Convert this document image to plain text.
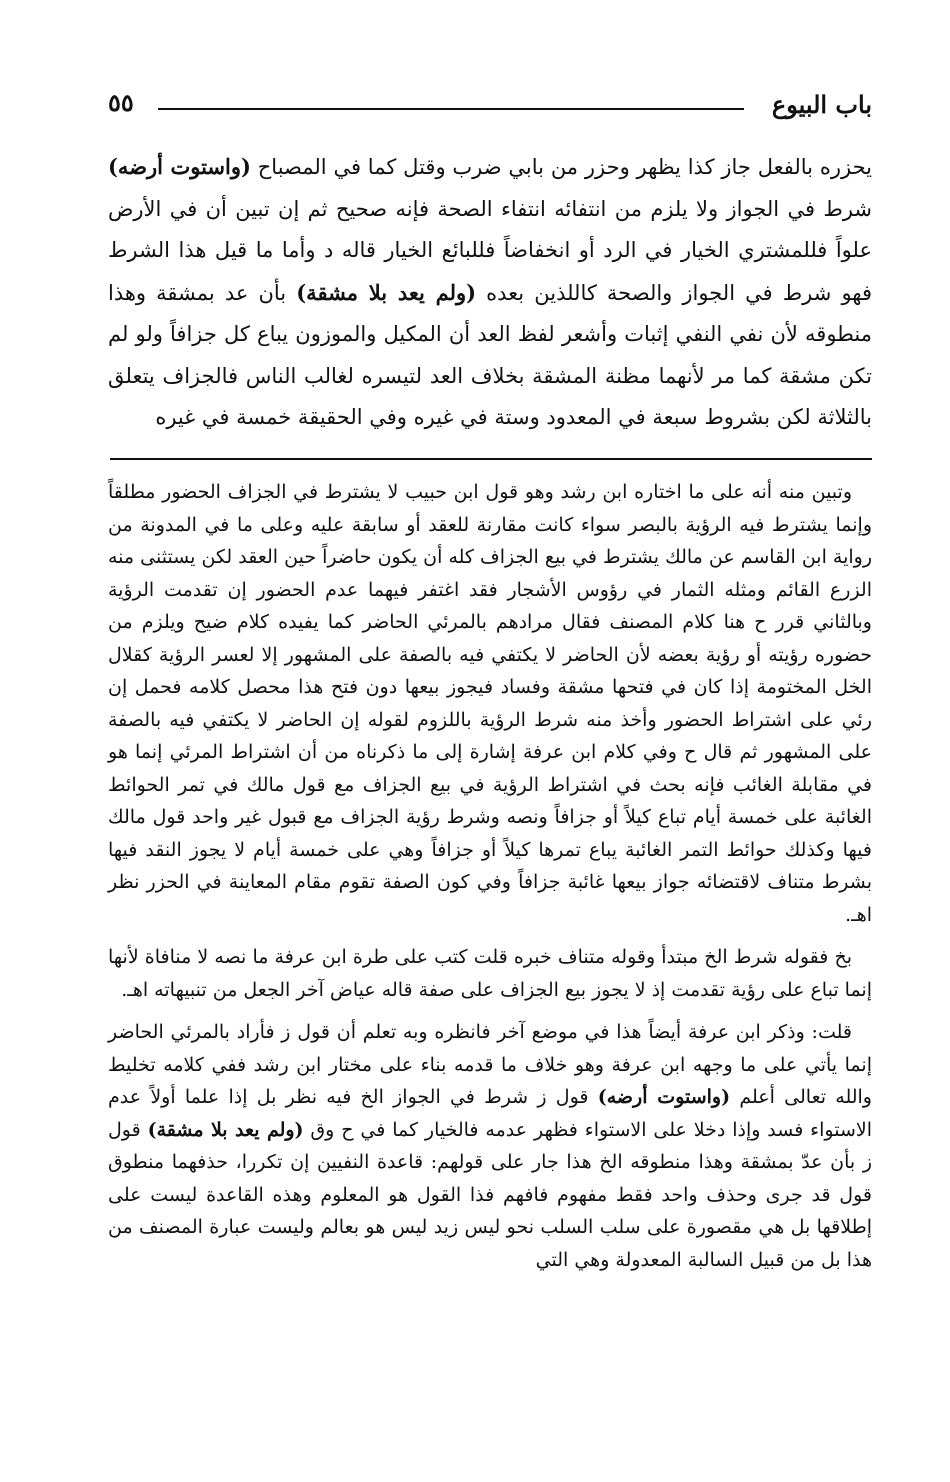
باب البيوع
٥٥
يحزره بالفعل جاز كذا يظهر وحزر من بابي ضرب وقتل كما في المصباح (واستوت أرضه) شرط في الجواز ولا يلزم من انتفائه انتفاء الصحة فإنه صحيح ثم إن تبين أن في الأرض علواً فللمشتري الخيار في الرد أو انخفاضاً فللبائع الخيار قاله د وأما ما قيل هذا الشرط فهو شرط في الجواز والصحة كاللذين بعده (ولم يعد بلا مشقة) بأن عد بمشقة وهذا منطوقه لأن نفي النفي إثبات وأشعر لفظ العد أن المكيل والموزون يباع كل جزافاً ولو لم تكن مشقة كما مر لأنهما مظنة المشقة بخلاف العد لتيسره لغالب الناس فالجزاف يتعلق بالثلاثة لكن بشروط سبعة في المعدود وستة في غيره وفي الحقيقة خمسة في غيره

وتبين منه أنه على ما اختاره ابن رشد وهو قول ابن حبيب لا يشترط في الجزاف الحضور مطلقاً وإنما يشترط فيه الرؤية بالبصر سواء كانت مقارنة للعقد أو سابقة عليه وعلى ما في المدونة من رواية ابن القاسم عن مالك يشترط في بيع الجزاف كله أن يكون حاضراً حين العقد لكن يستثنى منه الزرع القائم ومثله الثمار في رؤوس الأشجار فقد اغتفر فيهما عدم الحضور إن تقدمت الرؤية وبالثاني قرر ح هنا كلام المصنف فقال مرادهم بالمرئي الحاضر كما يفيده كلام ضيح ويلزم من حضوره رؤيته أو رؤية بعضه لأن الحاضر لا يكتفي فيه بالصفة على المشهور إلا لعسر الرؤية كقلال الخل المختومة إذا كان في فتحها مشقة وفساد فيجوز بيعها دون فتح هذا محصل كلامه فحمل إن رئي على اشتراط الحضور وأخذ منه شرط الرؤية باللزوم لقوله إن الحاضر لا يكتفي فيه بالصفة على المشهور ثم قال ح وفي كلام ابن عرفة إشارة إلى ما ذكرناه من أن اشتراط المرئي إنما هو في مقابلة الغائب فإنه بحث في اشتراط الرؤية في بيع الجزاف مع قول مالك في تمر الحوائط الغائبة على خمسة أيام تباع كيلاً أو جزافاً ونصه وشرط رؤية الجزاف مع قبول غير واحد قول مالك فيها وكذلك حوائط التمر الغائبة يباع تمرها كيلاً أو جزافاً وهي على خمسة أيام لا يجوز النقد فيها بشرط متناف لاقتضائه جواز بيعها غائبة جزافاً وفي كون الصفة تقوم مقام المعاينة في الحزر نظر اهـ.

بخ فقوله شرط الخ مبتدأ وقوله متناف خبره قلت كتب على طرة ابن عرفة ما نصه لا منافاة لأنها إنما تباع على رؤية تقدمت إذ لا يجوز بيع الجزاف على صفة قاله عياض آخر الجعل من تنبيهاته اهـ.

قلت: وذكر ابن عرفة أيضاً هذا في موضع آخر فانظره وبه تعلم أن قول ز فأراد بالمرئي الحاضر إنما يأتي على ما وجهه ابن عرفة وهو خلاف ما قدمه بناء على مختار ابن رشد ففي كلامه تخليط والله تعالى أعلم (واستوت أرضه) قول ز شرط في الجواز الخ فيه نظر بل إذا علما أولاً عدم الاستواء فسد وإذا دخلا على الاستواء فظهر عدمه فالخيار كما في ح وق (ولم يعد بلا مشقة) قول ز بأن عدّ بمشقة وهذا منطوقه الخ هذا جار على قولهم: قاعدة النفيين إن تكررا، حذفهما منطوق قول قد جرى وحذف واحد فقط مفهوم فافهم فذا القول هو المعلوم وهذه القاعدة ليست على إطلاقها بل هي مقصورة على سلب السلب نحو ليس زيد ليس هو بعالم وليست عبارة المصنف من هذا بل من قبيل السالبة المعدولة وهي التي
